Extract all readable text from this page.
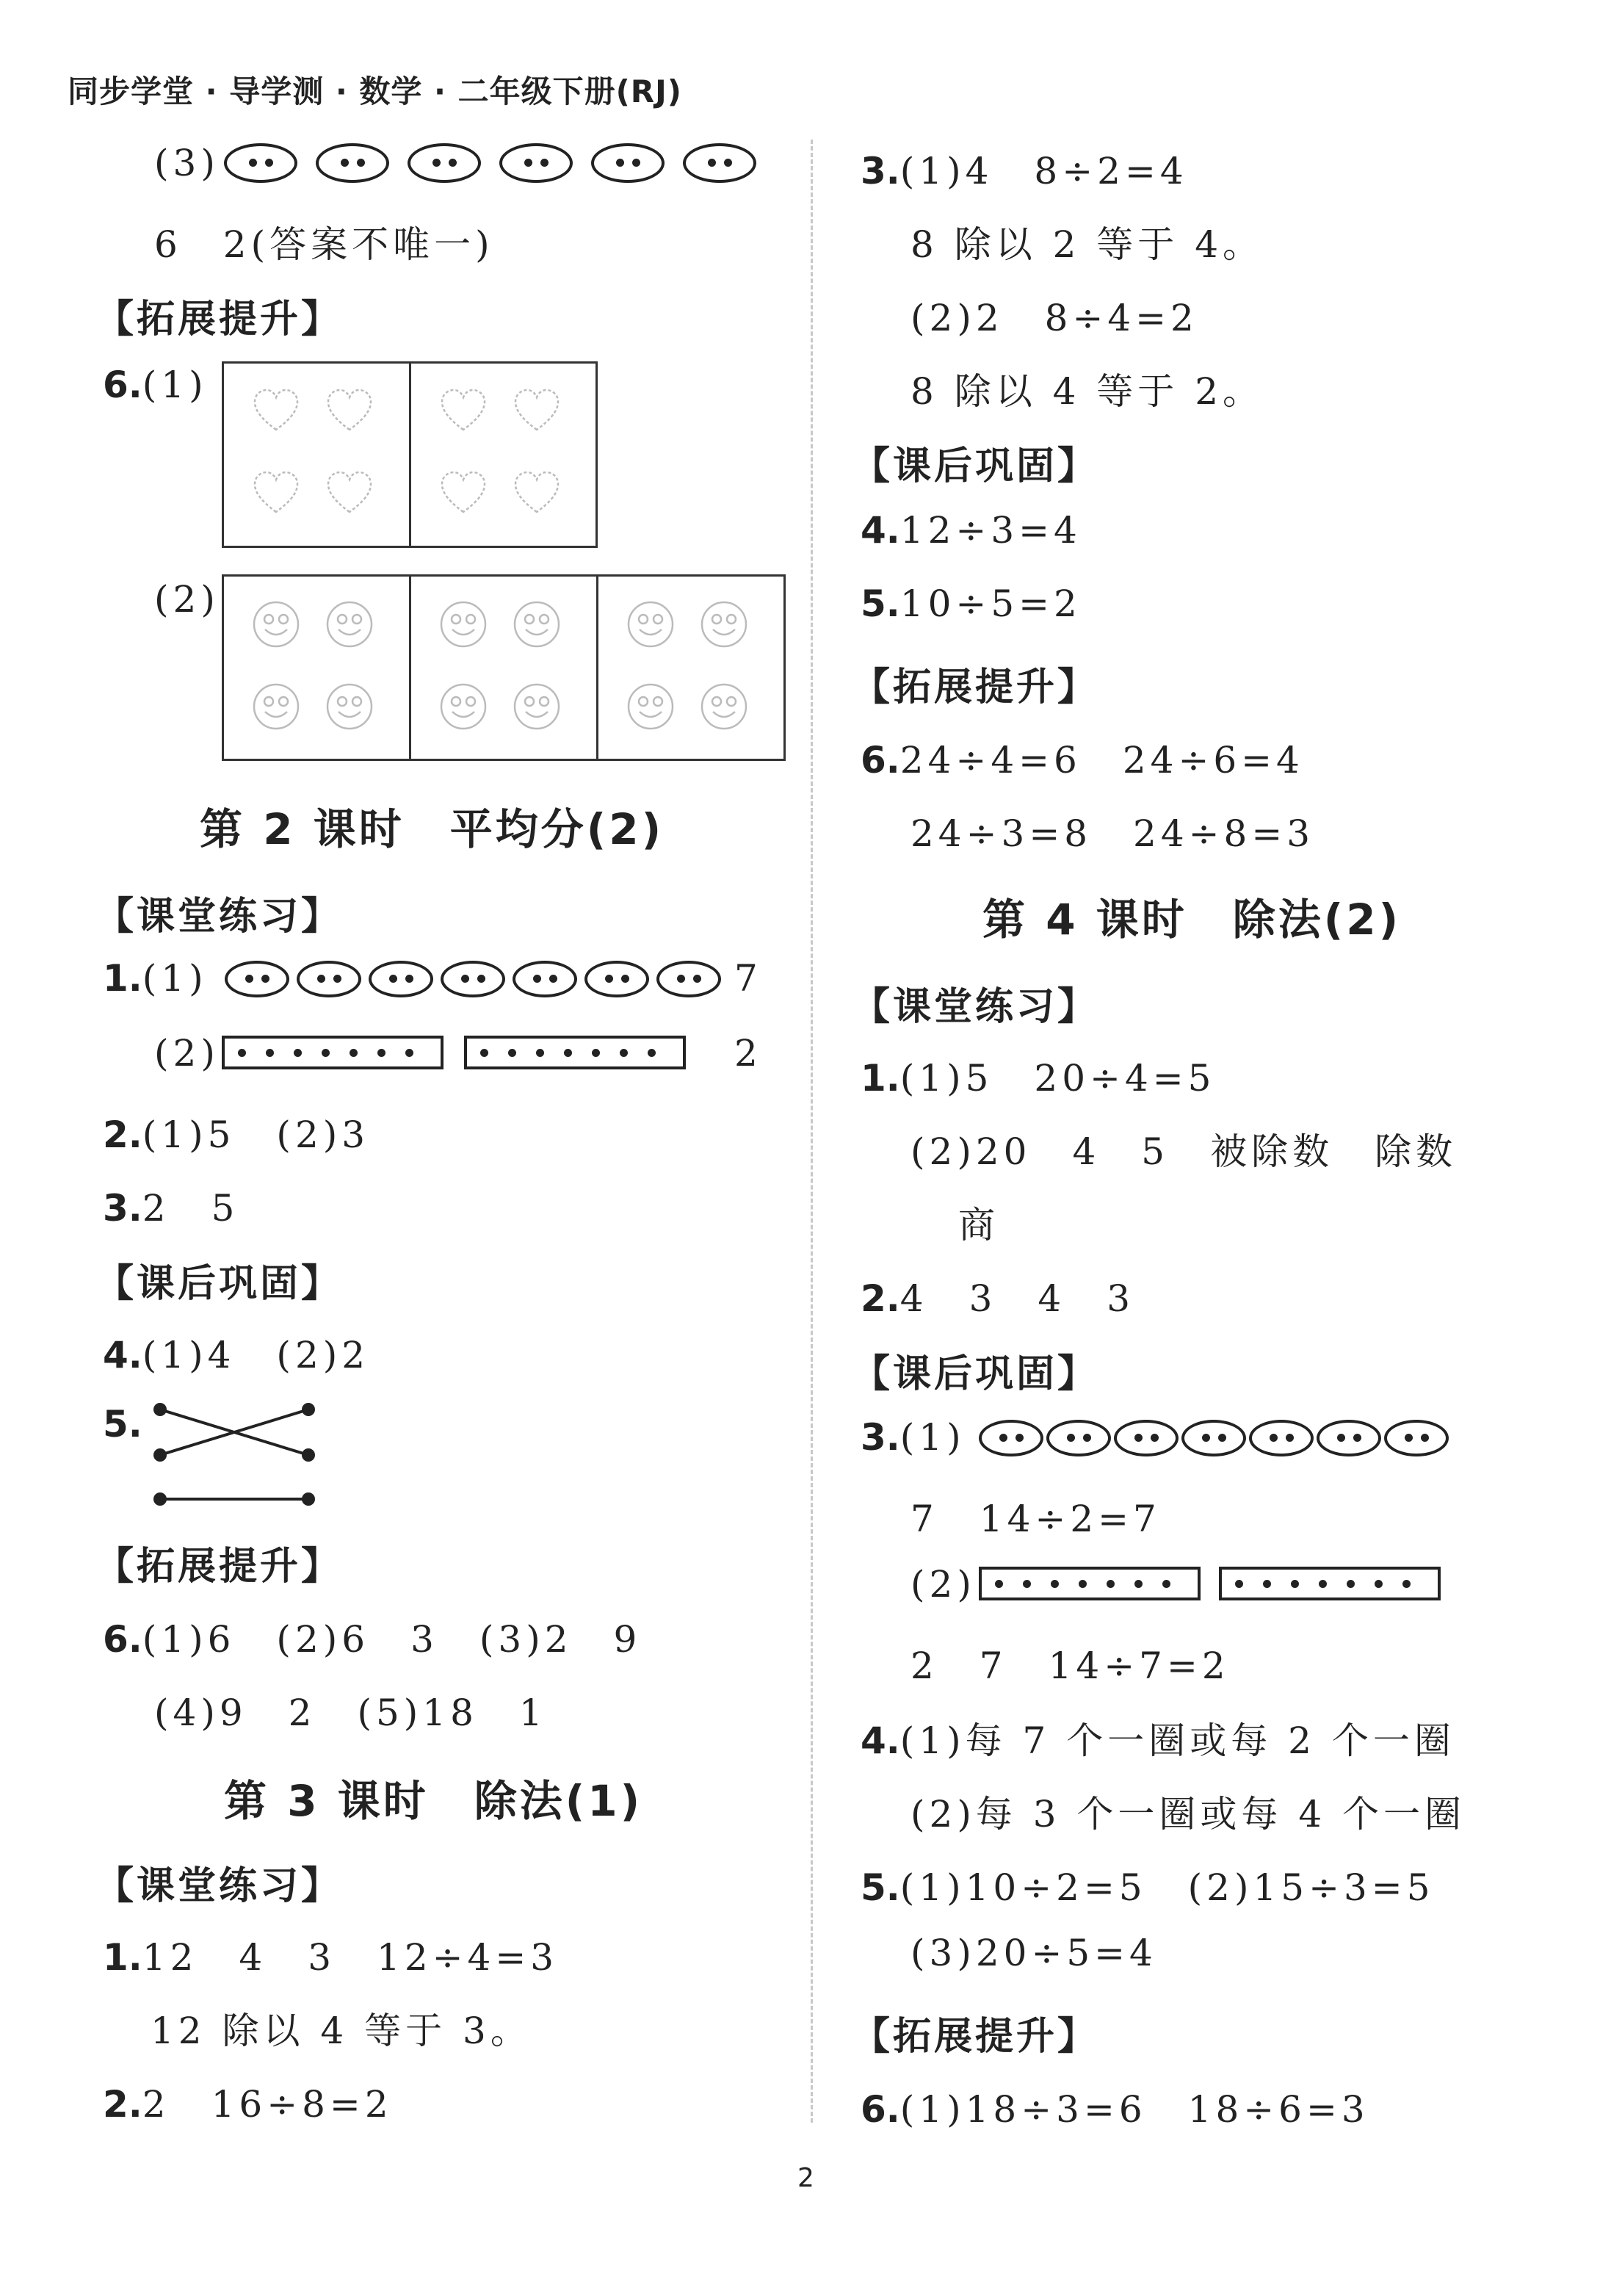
同步学堂 · 导学测 · 数学 · 二年级下册(RJ)
(3)
6　2(答案不唯一)
【拓展提升】
6.(1)
(2)
第 2 课时　平均分(2)
【课堂练习】
1.(1)	7
(2)	2
2.(1)5　(2)3
3.2　5
【课后巩固】
4.(1)4　(2)2
5.
【拓展提升】
6.(1)6　(2)6　3　(3)2　9
(4)9　2　(5)18　1
第 3 课时　除法(1)
【课堂练习】
1.12　4　3　12÷4=3
12 除以 4 等于 3。
2.2　16÷8=2
3.(1)4　8÷2=4
8 除以 2 等于 4。
(2)2　8÷4=2
8 除以 4 等于 2。
【课后巩固】
4.12÷3=4
5.10÷5=2
【拓展提升】
6.24÷4=6　24÷6=4
24÷3=8　24÷8=3
第 4 课时　除法(2)
【课堂练习】
1.(1)5　20÷4=5
(2)20　4　5　被除数　除数
商
2.4　3　4　3
【课后巩固】
3.(1)
7　14÷2=7
(2)
2　7　14÷7=2
4.(1)每 7 个一圈或每 2 个一圈
(2)每 3 个一圈或每 4 个一圈
5.(1)10÷2=5　(2)15÷3=5
(3)20÷5=4
【拓展提升】
6.(1)18÷3=6　18÷6=3
2
